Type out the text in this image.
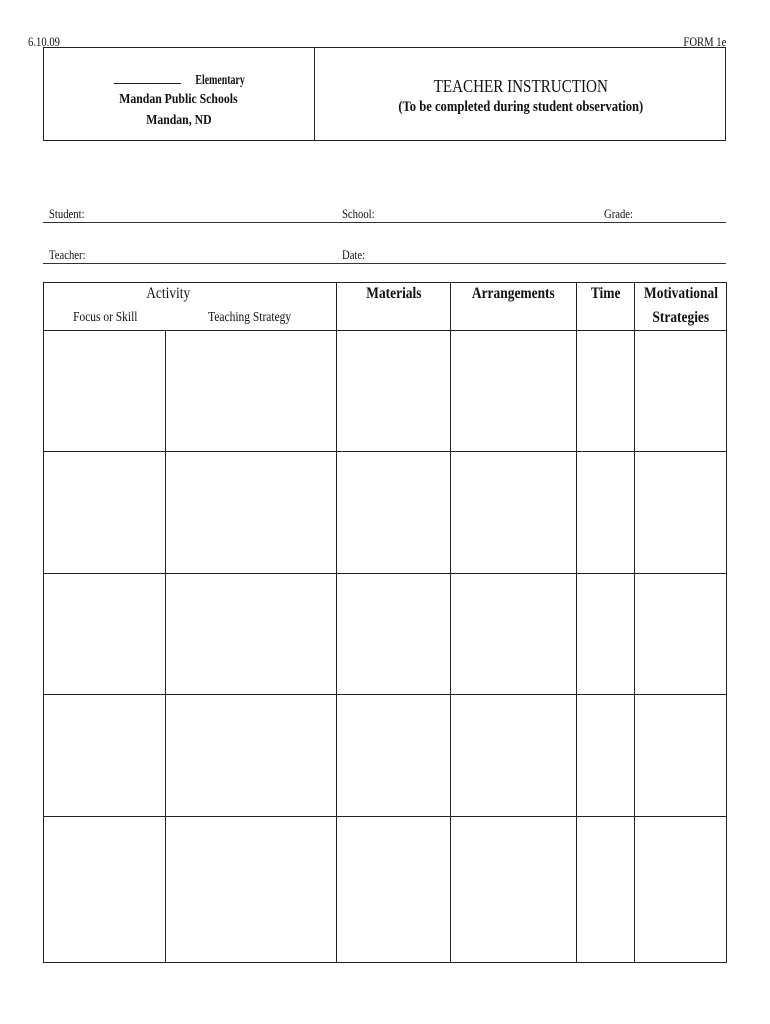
6.10.09	FORM 1e
Elementary
Mandan Public Schools
Mandan, ND
TEACHER INSTRUCTION
(To be completed during student observation)
Student:	School:	Grade:
Teacher:	Date:
Activity
Focus or Skill	Teaching Strategy
Materials	Arrangements	Time	Motivational
Strategies
